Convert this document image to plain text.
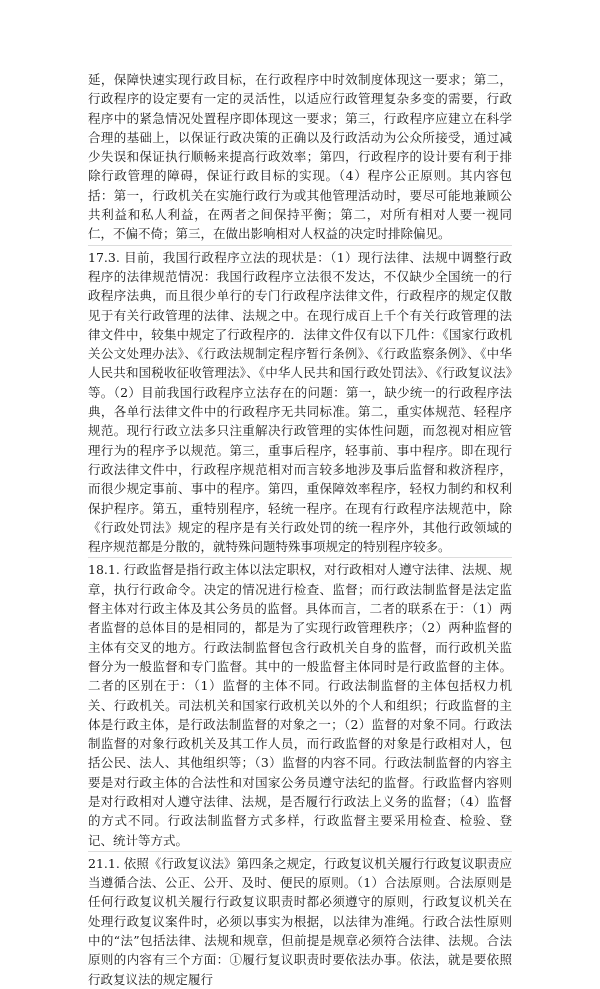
延，保障快速实现行政目标，在行政程序中时效制度体现这一要求；第二，行政程序的设定要有一定的灵活性，以适应行政管理复杂多变的需要，行政程序中的紧急情况处置程序即体现这一要求；第三，行政程序应建立在科学合理的基础上，以保证行政决策的正确以及行政活动为公众所接受，通过减少失误和保证执行顺畅来提高行政效率；第四，行政程序的设计要有利于排除行政管理的障碍，保证行政目标的实现。（4）程序公正原则。其内容包括：第一，行政机关在实施行政行为或其他管理活动时，要尽可能地兼顾公共利益和私人利益，在两者之间保持平衡；第二，对所有相对人要一视同仁，不偏不倚；第三，在做出影响相对人权益的决定时排除偏见。

17.3. 目前，我国行政程序立法的现状是：（1）现行法律、法规中调整行政程序的法律规范情况：我国行政程序立法很不发达，不仅缺少全国统一的行政程序法典，而且很少单行的专门行政程序法律文件，行政程序的规定仅散见于有关行政管理的法律、法规之中。在现行成百上千个有关行政管理的法律文件中，较集中规定了行政程序的．法律文件仅有以下几件：《国家行政机关公文处理办法》、《行政法规制定程序暂行条例》、《行政监察条例》、《中华人民共和国税收征收管理法》、《中华人民共和国行政处罚法》、《行政复议法》等。（2）目前我国行政程序立法存在的问题：第一，缺少统一的行政程序法典，各单行法律文件中的行政程序无共同标准。第二，重实体规范、轻程序规范。现行行政立法多只注重解决行政管理的实体性问题，而忽视对相应管理行为的程序予以规范。第三，重事后程序，轻事前、事中程序。即在现行行政法律文件中，行政程序规范相对而言较多地涉及事后监督和救济程序，而很少规定事前、事中的程序。第四，重保障效率程序，轻权力制约和权利保护程序。第五，重特别程序，轻统一程序。在现有行政程序法规范中，除《行政处罚法》规定的程序是有关行政处罚的统一程序外，其他行政领域的程序规范都是分散的，就特殊问题特殊事项规定的特别程序较多。

18.1. 行政监督是指行政主体以法定职权，对行政相对人遵守法律、法规、规章，执行行政命令。决定的情况进行检查、监督；而行政法制监督是法定监督主体对行政主体及其公务员的监督。具体而言，二者的联系在于：（1）两者监督的总体目的是相同的，都是为了实现行政管理秩序；（2）两种监督的主体有交叉的地方。行政法制监督包含行政机关自身的监督，而行政机关监督分为一般监督和专门监督。其中的一般监督主体同时是行政监督的主体。二者的区别在于：（1）监督的主体不同。行政法制监督的主体包括权力机关、行政机关。司法机关和国家行政机关以外的个人和组织；行政监督的主体是行政主体，是行政法制监督的对象之一；（2）监督的对象不同。行政法制监督的对象行政机关及其工作人员，而行政监督的对象是行政相对人，包括公民、法人、其他组织等；（3）监督的内容不同。行政法制监督的内容主要是对行政主体的合法性和对国家公务员遵守法纪的监督。行政监督内容则是对行政相对人遵守法律、法规，是否履行行政法上义务的监督；（4）监督的方式不同。行政法制监督方式多样，行政监督主要采用检查、检验、登记、统计等方式。

21.1. 依照《行政复议法》第四条之规定，行政复议机关履行行政复议职责应当遵循合法、公正、公开、及时、便民的原则。（1）合法原则。合法原则是任何行政复议机关履行行政复议职责时都必须遵守的原则，行政复议机关在处理行政复议案件时，必须以事实为根据，以法律为准绳。行政合法性原则中的“法”包括法律、法规和规章，但前提是规章必须符合法律、法规。合法原则的内容有三个方面：①履行复议职责时要依法办事。依法，就是要依照行政复议法的规定履行
